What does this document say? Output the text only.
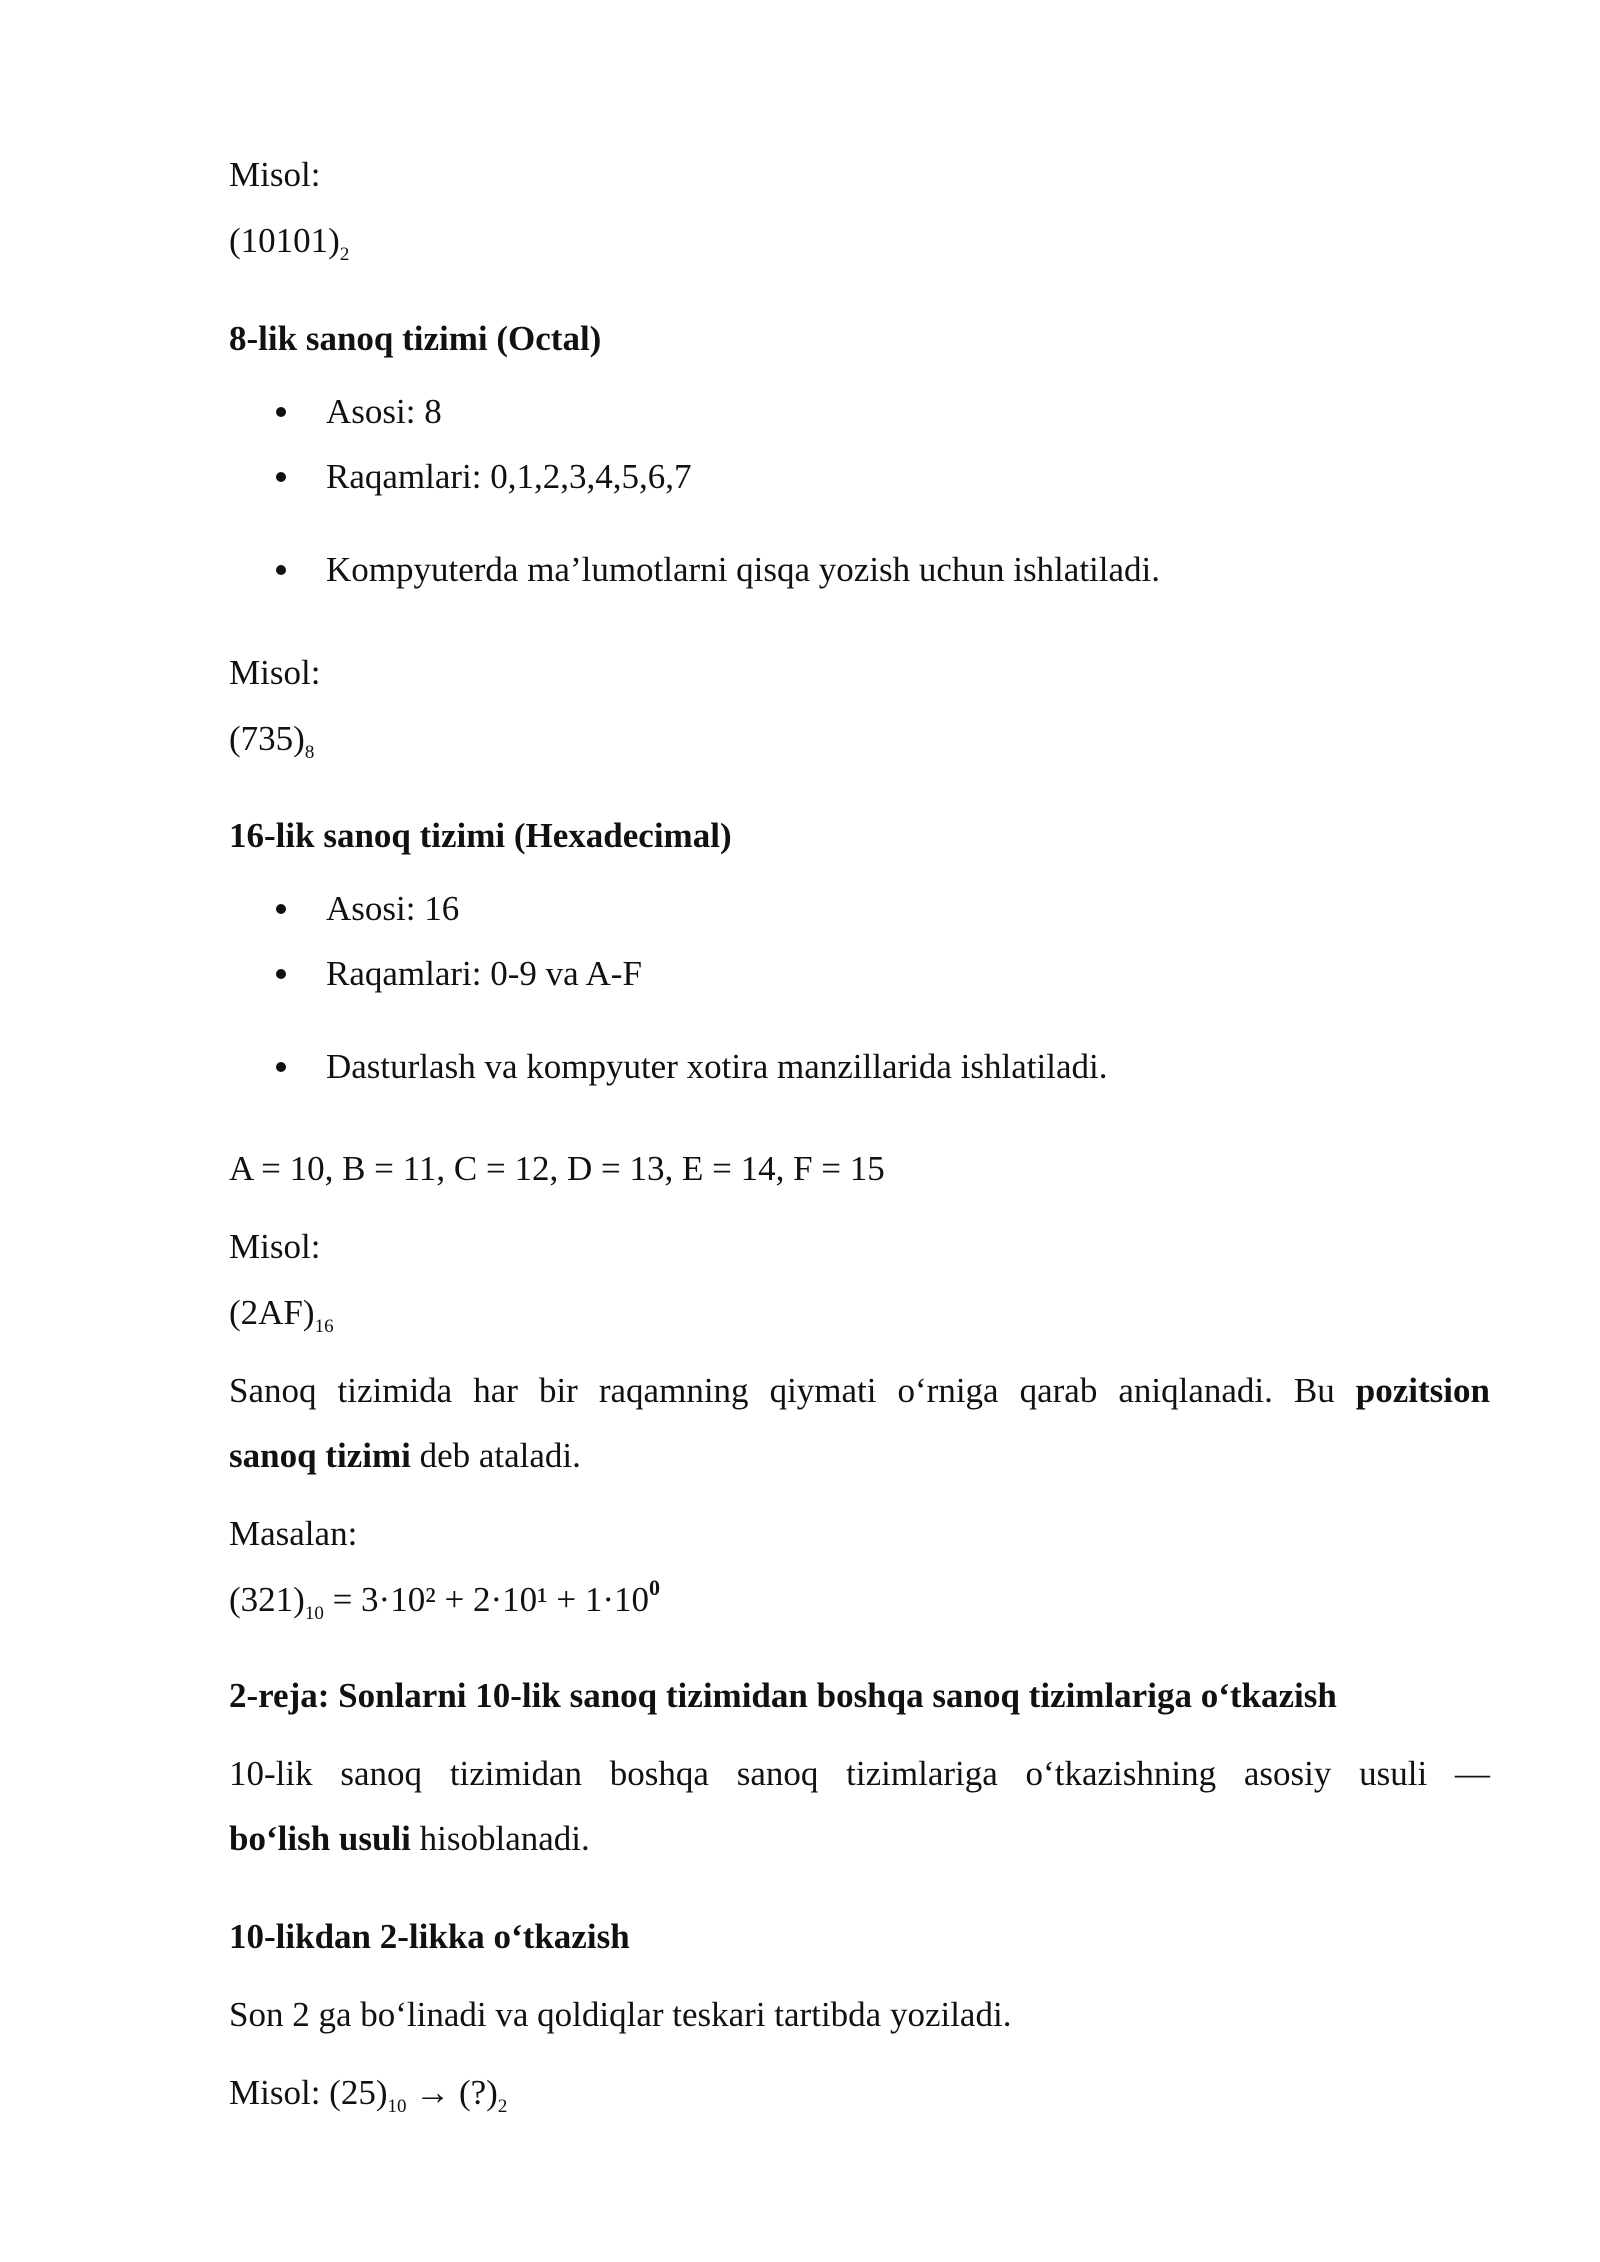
Misol:

$(10101)_2$

8-lik sanoq tizimi (Octal)

Asosi: 8
Raqamlari: 0,1,2,3,4,5,6,7
Kompyuterda ma’lumotlarni qisqa yozish uchun ishlatiladi.

Misol:

$(735)_8$

16-lik sanoq tizimi (Hexadecimal)

Asosi: 16
Raqamlari: 0-9 va A-F
Dasturlash va kompyuter xotira manzillarida ishlatiladi.

A = 10, B = 11, C = 12, D = 13, E = 14, F = 15

Misol:

$(2AF)_{16}$

Sanoq tizimida har bir raqamning qiymati o‘rniga qarab aniqlanadi. Bu pozitsion
sanoq tizimi deb ataladi.

Masalan:

$(321)_{10} = 3\cdot 10^2 + 2\cdot 10^1 + 1\cdot 10^0$

2-reja: Sonlarni 10-lik sanoq tizimidan boshqa sanoq tizimlariga o‘tkazish

10-lik sanoq tizimidan boshqa sanoq tizimlariga o‘tkazishning asosiy usuli —
bo‘lish usuli hisoblanadi.

10-likdan 2-likka o‘tkazish

Son 2 ga bo‘linadi va qoldiqlar teskari tartibda yoziladi.

Misol: $(25)_{10}$ → $(?)_2$
